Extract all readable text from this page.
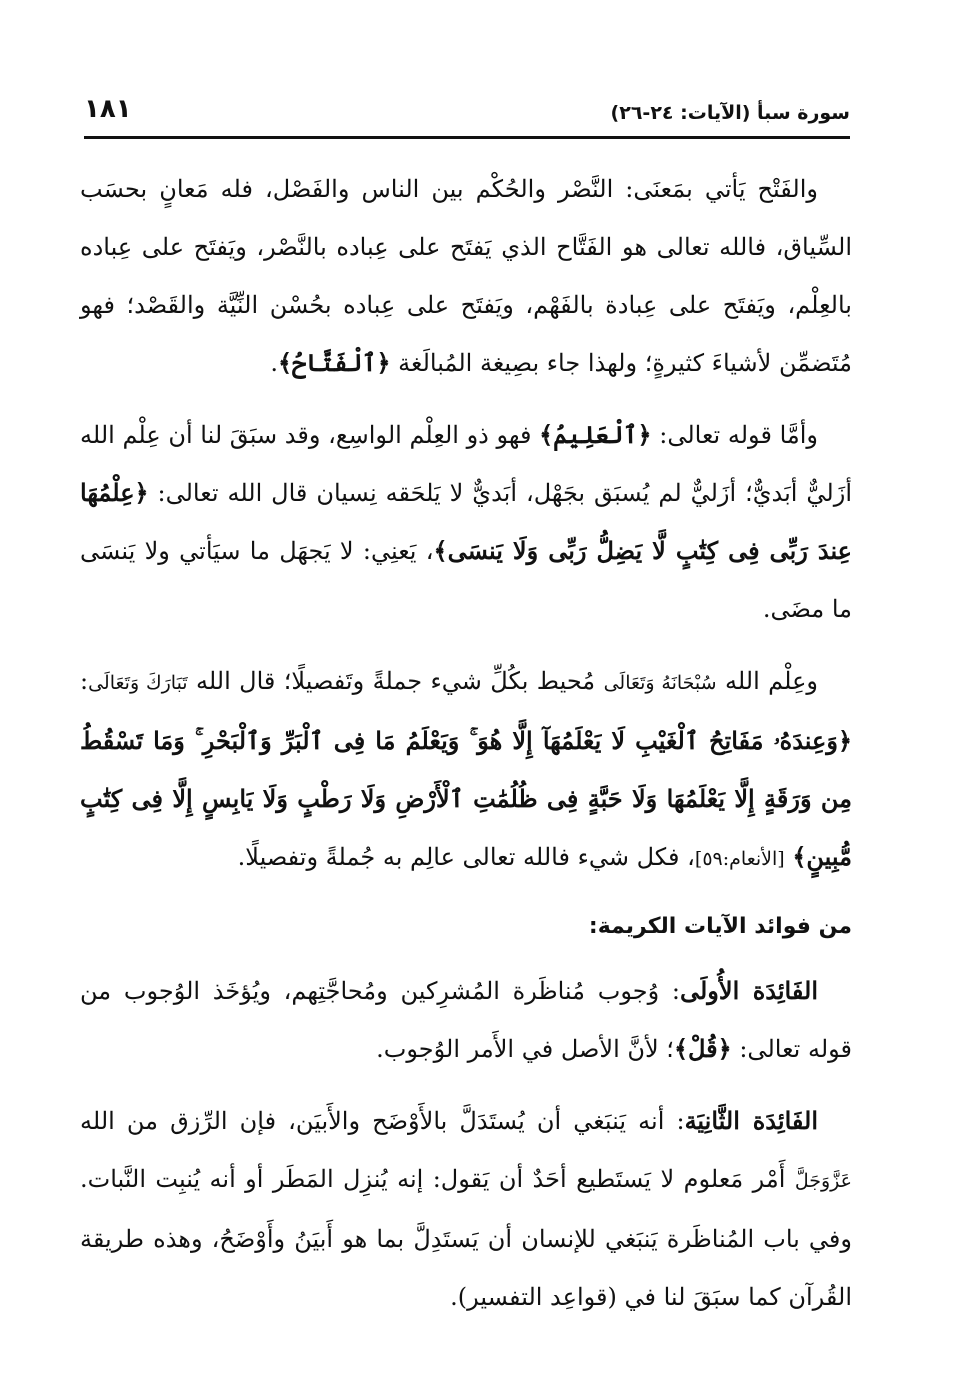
سورة سبأ (الآيات: ٢٤-٢٦)
١٨١

والفَتْح يَأتي بمَعنَى: النَّصْر والحُكْم بين الناس والفَصْل، فله مَعانٍ بحسَب السِّياق، فالله تعالى هو الفَتَّاح الذي يَفتَح على عِباده بالنَّصْر، ويَفتَح على عِباده بالعِلْم، ويَفتَح على عِبادة بالفَهْم، ويَفتَح على عِباده بحُسْن النِّيَّة والقَصْد؛ فهو مُتَضمِّن لأشياءَ كثيرةٍ؛ ولهذا جاء بصِيغة المُبالَغة ﴿ٱلْفَتَّاحُ﴾.

وأمَّا قوله تعالى: ﴿ٱلْعَلِيمُ﴾ فهو ذو العِلْم الواسِع، وقد سبَقَ لنا أن عِلْم الله أزَليٌّ أبَديٌّ؛ أزَليٌّ لم يُسبَق بجَهْل، أبَديٌّ لا يَلحَقه نِسيان قال الله تعالى: ﴿عِلْمُهَا عِندَ رَبِّى فِى كِتَٰبٍ لَّا يَضِلُّ رَبِّى وَلَا يَنسَى﴾، يَعنِي: لا يَجهَل ما سيَأتي ولا يَنسَى ما مضَى.

وعِلْم الله سُبْحَانَهُ وَتَعَالَى مُحيط بكُلِّ شيء جملةً وتَفصيلًا؛ قال الله تَبَارَكَ وَتَعَالَى: ﴿وَعِندَهُۥ مَفَاتِحُ ٱلْغَيْبِ لَا يَعْلَمُهَآ إِلَّا هُوَ ۚ وَيَعْلَمُ مَا فِى ٱلْبَرِّ وَٱلْبَحْرِ ۚ وَمَا تَسْقُطُ مِن وَرَقَةٍ إِلَّا يَعْلَمُهَا وَلَا حَبَّةٍ فِى ظُلُمَٰتِ ٱلْأَرْضِ وَلَا رَطْبٍ وَلَا يَابِسٍ إِلَّا فِى كِتَٰبٍ مُّبِينٍ﴾ [الأنعام:٥٩]، فكل شيء فالله تعالى عالِم به جُملةً وتفصيلًا.

من فوائد الآيات الكريمة:

الفَائِدَة الأُولَى: وُجوب مُناظَرة المُشرِكين ومُحاجَّتِهم، ويُؤخَذ الوُجوب من قوله تعالى: ﴿قُلْ﴾؛ لأنَّ الأصل في الأَمر الوُجوب.

الفَائِدَة الثَّانِيَة: أنه يَنبَغي أن يُستَدَلَّ بالأَوْضَح والأَبيَن، فإن الرِّزق من الله عَزَّوَجَلَّ أَمْر مَعلوم لا يَستَطيع أحَدٌ أن يَقول: إنه يُنزِل المَطَر أو أنه يُنبِت النَّبات. وفي باب المُناظَرة يَنبَغي للإنسان أن يَستَدِلَّ بما هو أَبيَنُ وأَوْضَحُ، وهذه طريقة القُرآن كما سبَقَ لنا في (قواعِد التفسير).
